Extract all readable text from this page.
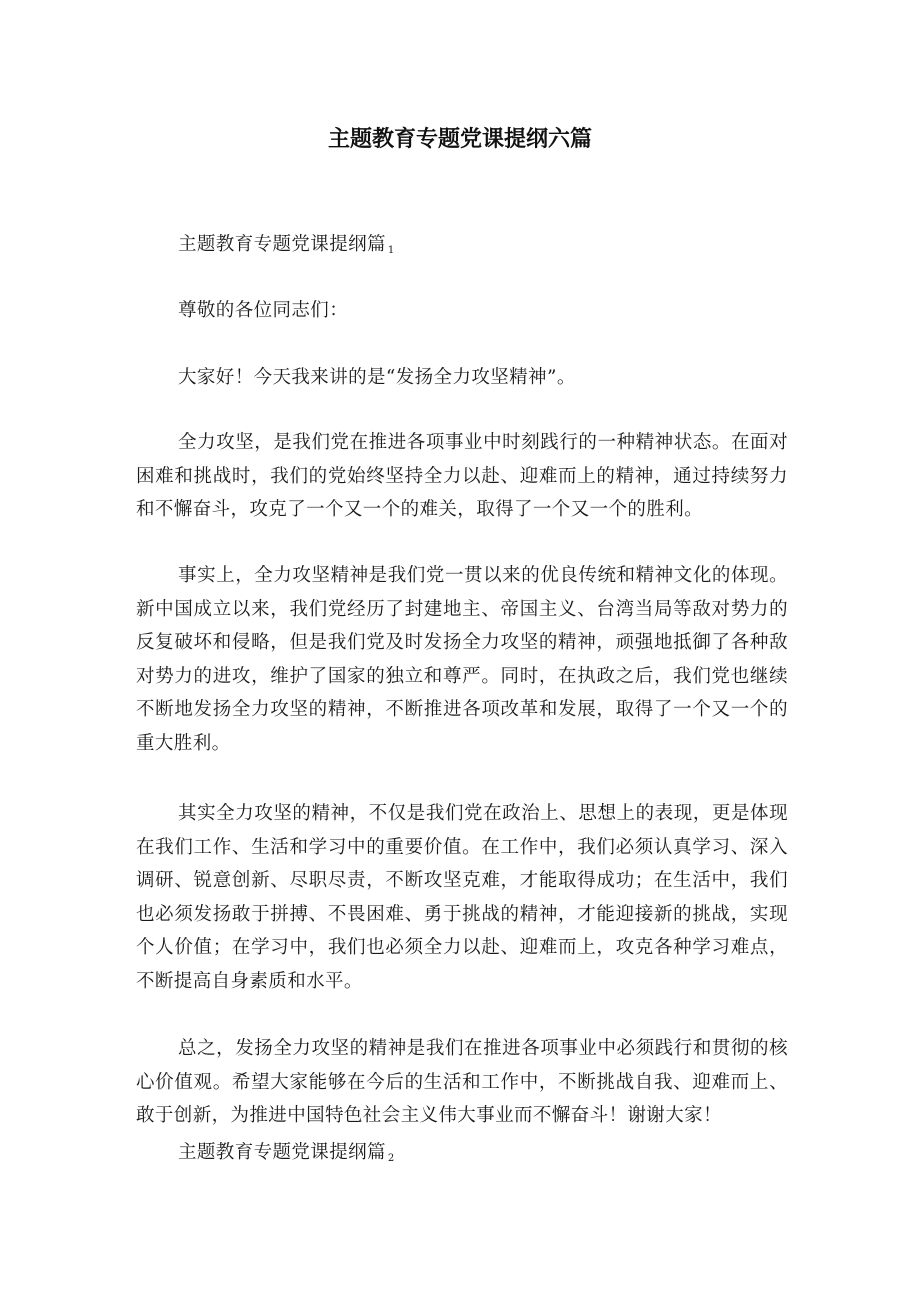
主题教育专题党课提纲六篇

主题教育专题党课提纲篇 $_1$

尊敬的各位同志们：

大家好！今天我来讲的是“发扬全力攻坚精神”。

全力攻坚，是我们党在推进各项事业中时刻践行的一种精神状态。在面对困难和挑战时，我们的党始终坚持全力以赴、迎难而上的精神，通过持续努力和不懈奋斗，攻克了一个又一个的难关，取得了一个又一个的胜利。

事实上，全力攻坚精神是我们党一贯以来的优良传统和精神文化的体现。新中国成立以来，我们党经历了封建地主、帝国主义、台湾当局等敌对势力的反复破坏和侵略，但是我们党及时发扬全力攻坚的精神，顽强地抵御了各种敌对势力的进攻，维护了国家的独立和尊严。同时，在执政之后，我们党也继续不断地发扬全力攻坚的精神，不断推进各项改革和发展，取得了一个又一个的重大胜利。

其实全力攻坚的精神，不仅是我们党在政治上、思想上的表现，更是体现在我们工作、生活和学习中的重要价值。在工作中，我们必须认真学习、深入调研、锐意创新、尽职尽责，不断攻坚克难，才能取得成功；在生活中，我们也必须发扬敢于拼搏、不畏困难、勇于挑战的精神，才能迎接新的挑战，实现个人价值；在学习中，我们也必须全力以赴、迎难而上，攻克各种学习难点，不断提高自身素质和水平。

总之，发扬全力攻坚的精神是我们在推进各项事业中必须践行和贯彻的核心价值观。希望大家能够在今后的生活和工作中，不断挑战自我、迎难而上、敢于创新，为推进中国特色社会主义伟大事业而不懈奋斗！谢谢大家！

主题教育专题党课提纲篇 $_2$
